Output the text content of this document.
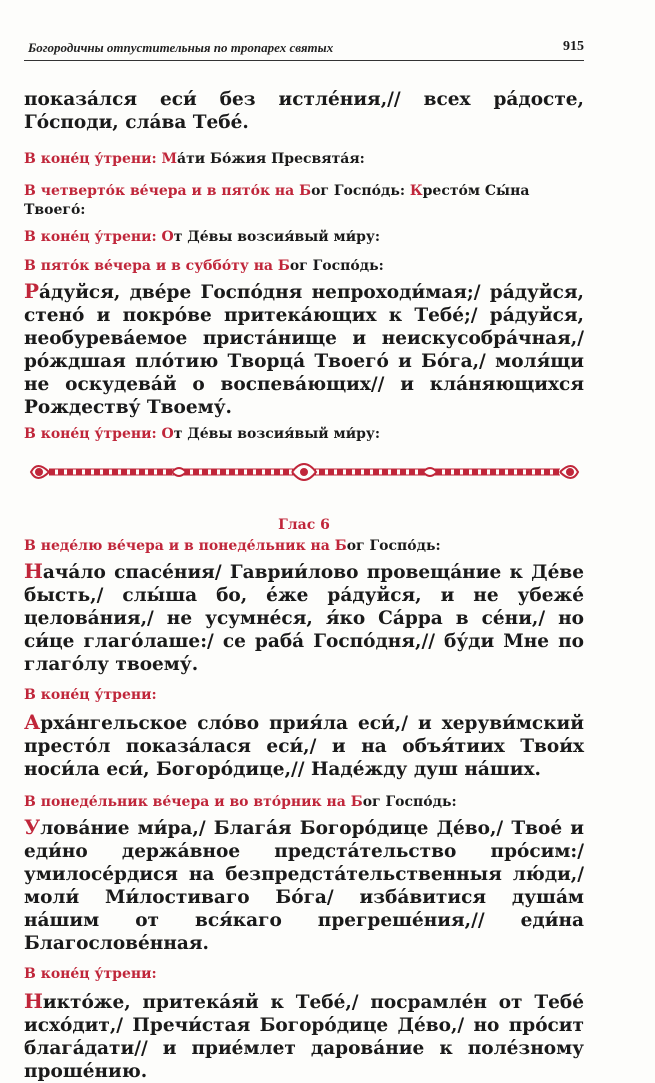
Богородичны отпустительныя по тропарех святых	915

показа́лся еси́ без истле́ния,// всех ра́досте, Го́споди, сла́ва Тебе́.

В коне́ц у́трени: Ма́ти Бо́жия Пресвята́я:

В четверто́к ве́чера и в пято́к на Бог Госпо́дь: Кресто́м Сы́на Твоего́:

В коне́ц у́трени: От Де́вы возсия́вый ми́ру:

В пято́к ве́чера и в суббо́ту на Бог Госпо́дь:

Ра́дуйся, две́ре Госпо́дня непроходи́мая;/ ра́дуйся, стено́ и покро́ве притека́ющих к Тебе́;/ ра́дуйся, необурева́емое приста́нище и неискусобра́чная,/ ро́ждшая пло́тию Творца́ Твоего́ и Бо́га,/ моля́щи не оскудева́й о воспева́ющих// и кла́няющихся Рождеству́ Твоему́.

В коне́ц у́трени: От Де́вы возсия́вый ми́ру:

Глас 6

В неде́лю ве́чера и в понеде́льник на Бог Госпо́дь:

Нача́ло спасе́ния/ Гаврии́лово провеща́ние к Де́ве бысть,/ слы́ша бо, е́же ра́дуйся, и не убеже́ целова́ния,/ не усумне́ся, я́ко Са́рра в се́ни,/ но си́це глаго́лаше:/ се раба́ Госпо́дня,// бу́ди Мне по глаго́лу твоему́.

В коне́ц у́трени:

Арха́нгельское сло́во прия́ла еси́,/ и херуви́мский престо́л показа́лася еси́,/ и на объя́тиих Твои́х носи́ла еси́, Богоро́дице,// Наде́жду душ на́ших.

В понеде́льник ве́чера и во вто́рник на Бог Госпо́дь:

Улова́ние ми́ра,/ Блага́я Богоро́дице Де́во,/ Твое́ и еди́но держа́вное предста́тельство про́сим:/ умилосе́рдися на безпредста́тельственныя лю́ди,/ моли́ Ми́лостиваго Бо́га/ изба́витися душа́м на́шим от вся́каго прегреше́ния,// еди́на Благослове́нная.

В коне́ц у́трени:

Никто́же, притека́яй к Тебе́,/ посрамле́н от Тебе́ исхо́дит,/ Пречи́стая Богоро́дице Де́во,/ но про́сит блага́дати// и прие́млет дарова́ние к поле́зному проше́нию.
